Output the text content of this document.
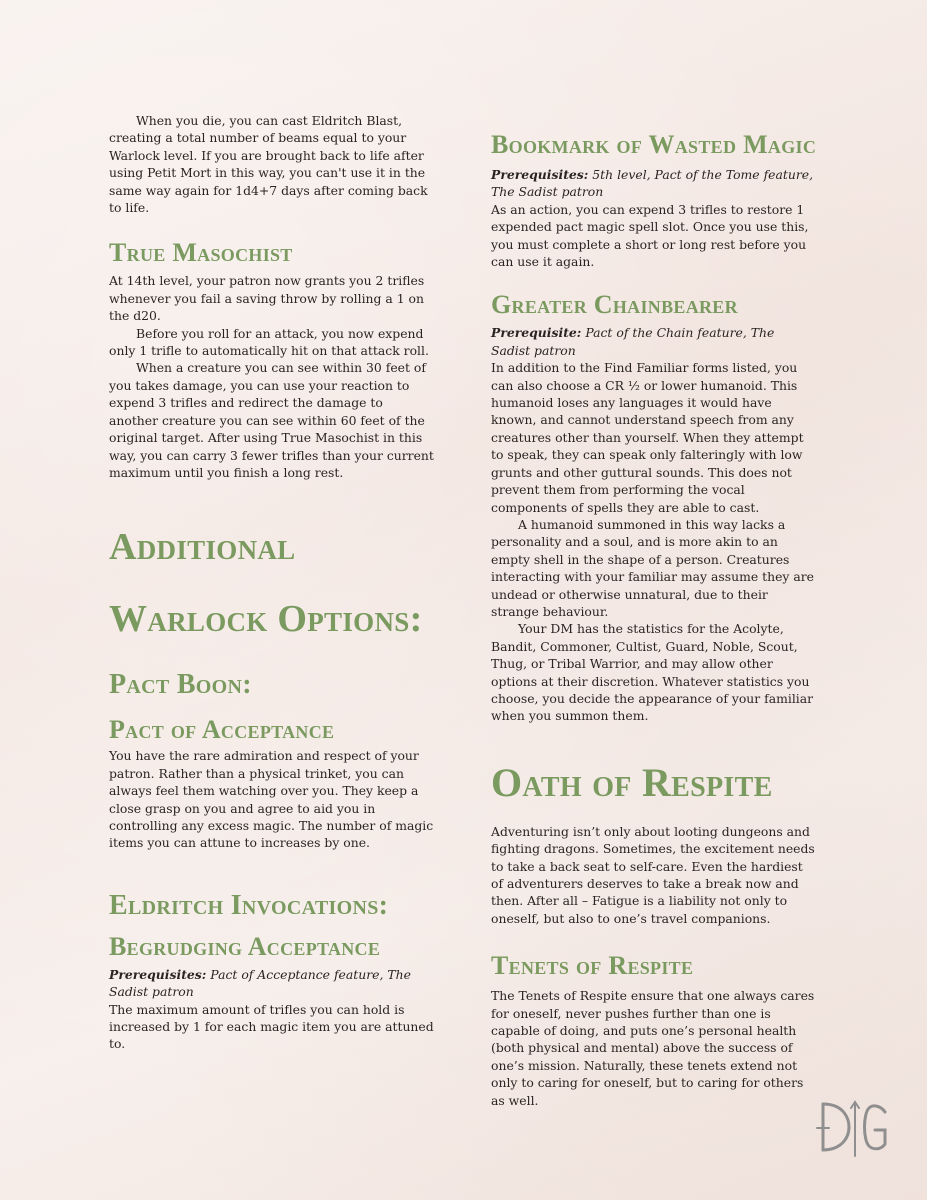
When you die, you can cast Eldritch Blast, creating a total number of beams equal to your Warlock level. If you are brought back to life after using Petit Mort in this way, you can't use it in the same way again for 1d4+7 days after coming back to life.

True Masochist

At 14th level, your patron now grants you 2 trifles whenever you fail a saving throw by rolling a 1 on the d20.

Before you roll for an attack, you now expend only 1 trifle to automatically hit on that attack roll.

When a creature you can see within 30 feet of you takes damage, you can use your reaction to expend 3 trifles and redirect the damage to another creature you can see within 60 feet of the original target. After using True Masochist in this way, you can carry 3 fewer trifles than your current maximum until you finish a long rest.

Additional
Warlock Options:
Pact Boon:
Pact of Acceptance

You have the rare admiration and respect of your patron. Rather than a physical trinket, you can always feel them watching over you. They keep a close grasp on you and agree to aid you in controlling any excess magic. The number of magic items you can attune to increases by one.

Eldritch Invocations:
Begrudging Acceptance

Prerequisites: Pact of Acceptance feature, The Sadist patron

The maximum amount of trifles you can hold is increased by 1 for each magic item you are attuned to.

Bookmark of Wasted Magic

Prerequisites: 5th level, Pact of the Tome feature, The Sadist patron

As an action, you can expend 3 trifles to restore 1 expended pact magic spell slot. Once you use this, you must complete a short or long rest before you can use it again.

Greater Chainbearer

Prerequisite: Pact of the Chain feature, The Sadist patron

In addition to the Find Familiar forms listed, you can also choose a CR ½ or lower humanoid. This humanoid loses any languages it would have known, and cannot understand speech from any creatures other than yourself. When they attempt to speak, they can speak only falteringly with low grunts and other guttural sounds. This does not prevent them from performing the vocal components of spells they are able to cast.

A humanoid summoned in this way lacks a personality and a soul, and is more akin to an empty shell in the shape of a person. Creatures interacting with your familiar may assume they are undead or otherwise unnatural, due to their strange behaviour.

Your DM has the statistics for the Acolyte, Bandit, Commoner, Cultist, Guard, Noble, Scout, Thug, or Tribal Warrior, and may allow other options at their discretion. Whatever statistics you choose, you decide the appearance of your familiar when you summon them.

Oath of Respite

Adventuring isn’t only about looting dungeons and fighting dragons. Sometimes, the excitement needs to take a back seat to self-care. Even the hardiest of adventurers deserves to take a break now and then. After all – Fatigue is a liability not only to oneself, but also to one’s travel companions.

Tenets of Respite

The Tenets of Respite ensure that one always cares for oneself, never pushes further than one is capable of doing, and puts one’s personal health (both physical and mental) above the success of one’s mission. Naturally, these tenets extend not only to caring for oneself, but to caring for others as well.
